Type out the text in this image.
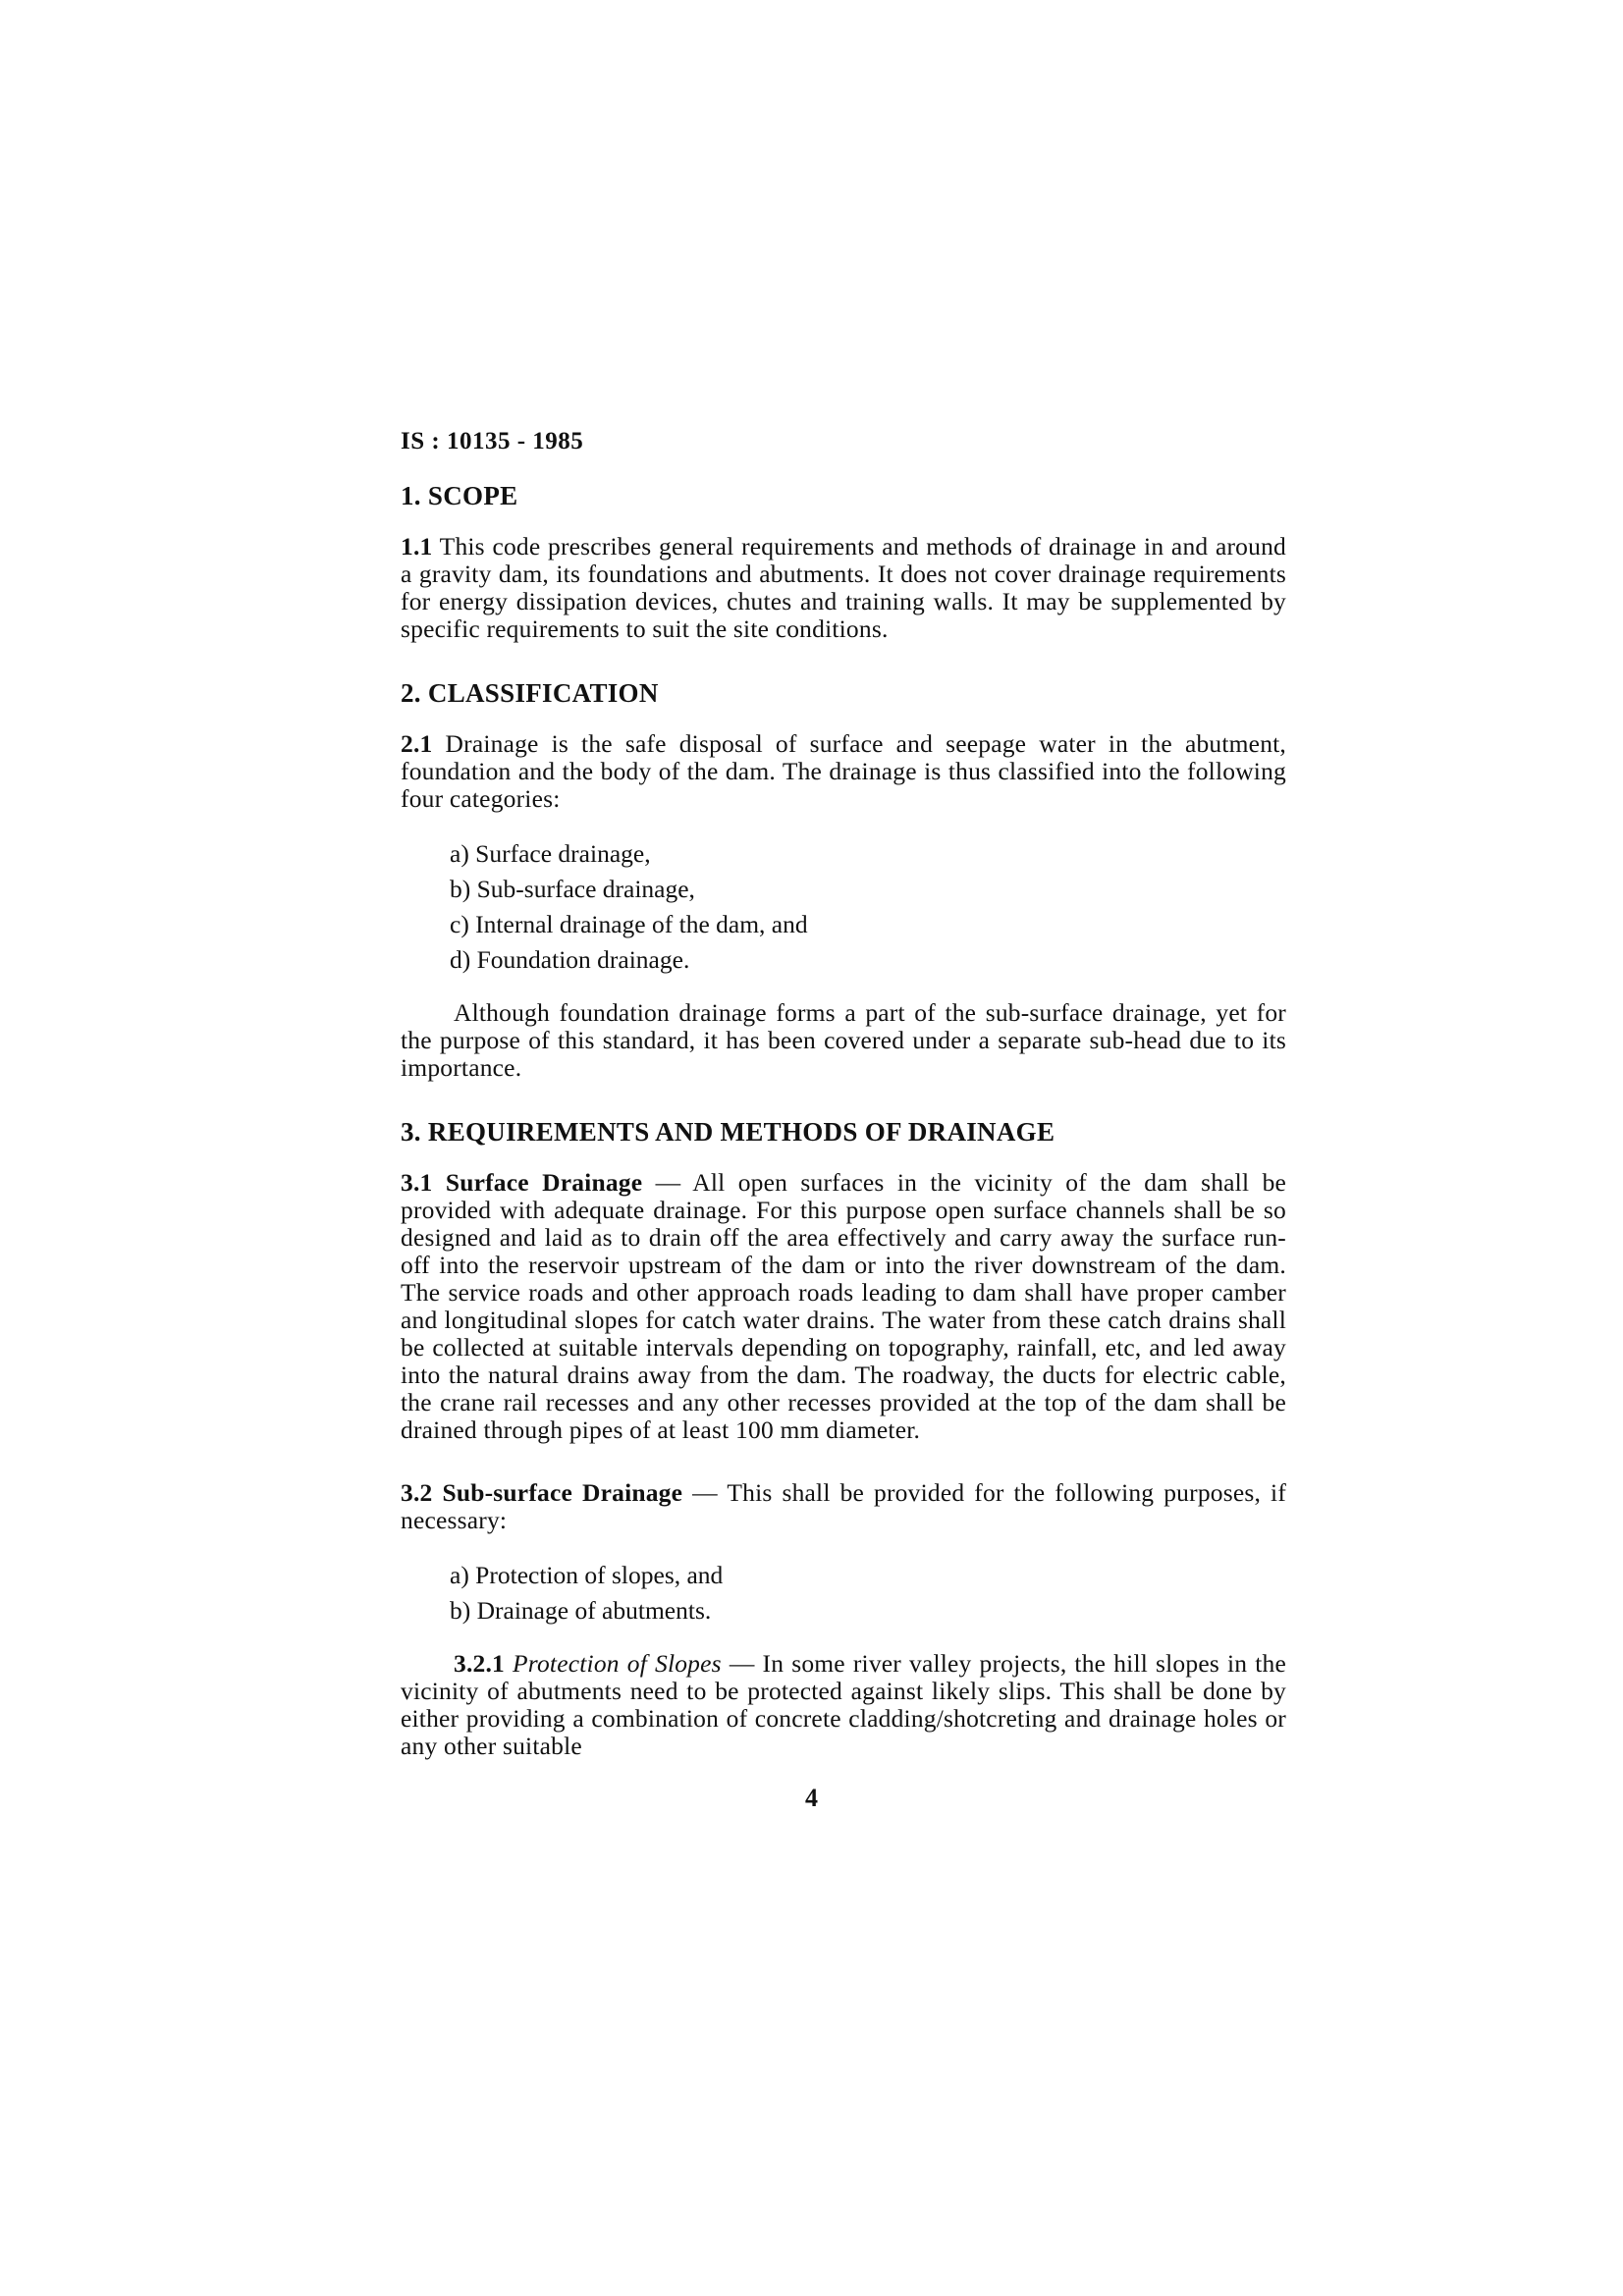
IS : 10135 - 1985
1. SCOPE

1.1 This code prescribes general requirements and methods of drainage in and around a gravity dam, its foundations and abutments. It does not cover drainage requirements for energy dissipation devices, chutes and training walls. It may be supplemented by specific requirements to suit the site conditions.

2. CLASSIFICATION

2.1 Drainage is the safe disposal of surface and seepage water in the abutment, foundation and the body of the dam. The drainage is thus classified into the following four categories:

a) Surface drainage,
b) Sub-surface drainage,
c) Internal drainage of the dam, and
d) Foundation drainage.

Although foundation drainage forms a part of the sub-surface drainage, yet for the purpose of this standard, it has been covered under a separate sub-head due to its importance.

3. REQUIREMENTS AND METHODS OF DRAINAGE

3.1 Surface Drainage — All open surfaces in the vicinity of the dam shall be provided with adequate drainage. For this purpose open surface channels shall be so designed and laid as to drain off the area effectively and carry away the surface run-off into the reservoir upstream of the dam or into the river downstream of the dam. The service roads and other approach roads leading to dam shall have proper camber and longitudinal slopes for catch water drains. The water from these catch drains shall be collected at suitable intervals depending on topography, rainfall, etc, and led away into the natural drains away from the dam. The roadway, the ducts for electric cable, the crane rail recesses and any other recesses provided at the top of the dam shall be drained through pipes of at least 100 mm diameter.

3.2 Sub-surface Drainage — This shall be provided for the following purposes, if necessary:

a) Protection of slopes, and
b) Drainage of abutments.

3.2.1 Protection of Slopes — In some river valley projects, the hill slopes in the vicinity of abutments need to be protected against likely slips. This shall be done by either providing a combination of concrete cladding/shotcreting and drainage holes or any other suitable

4
